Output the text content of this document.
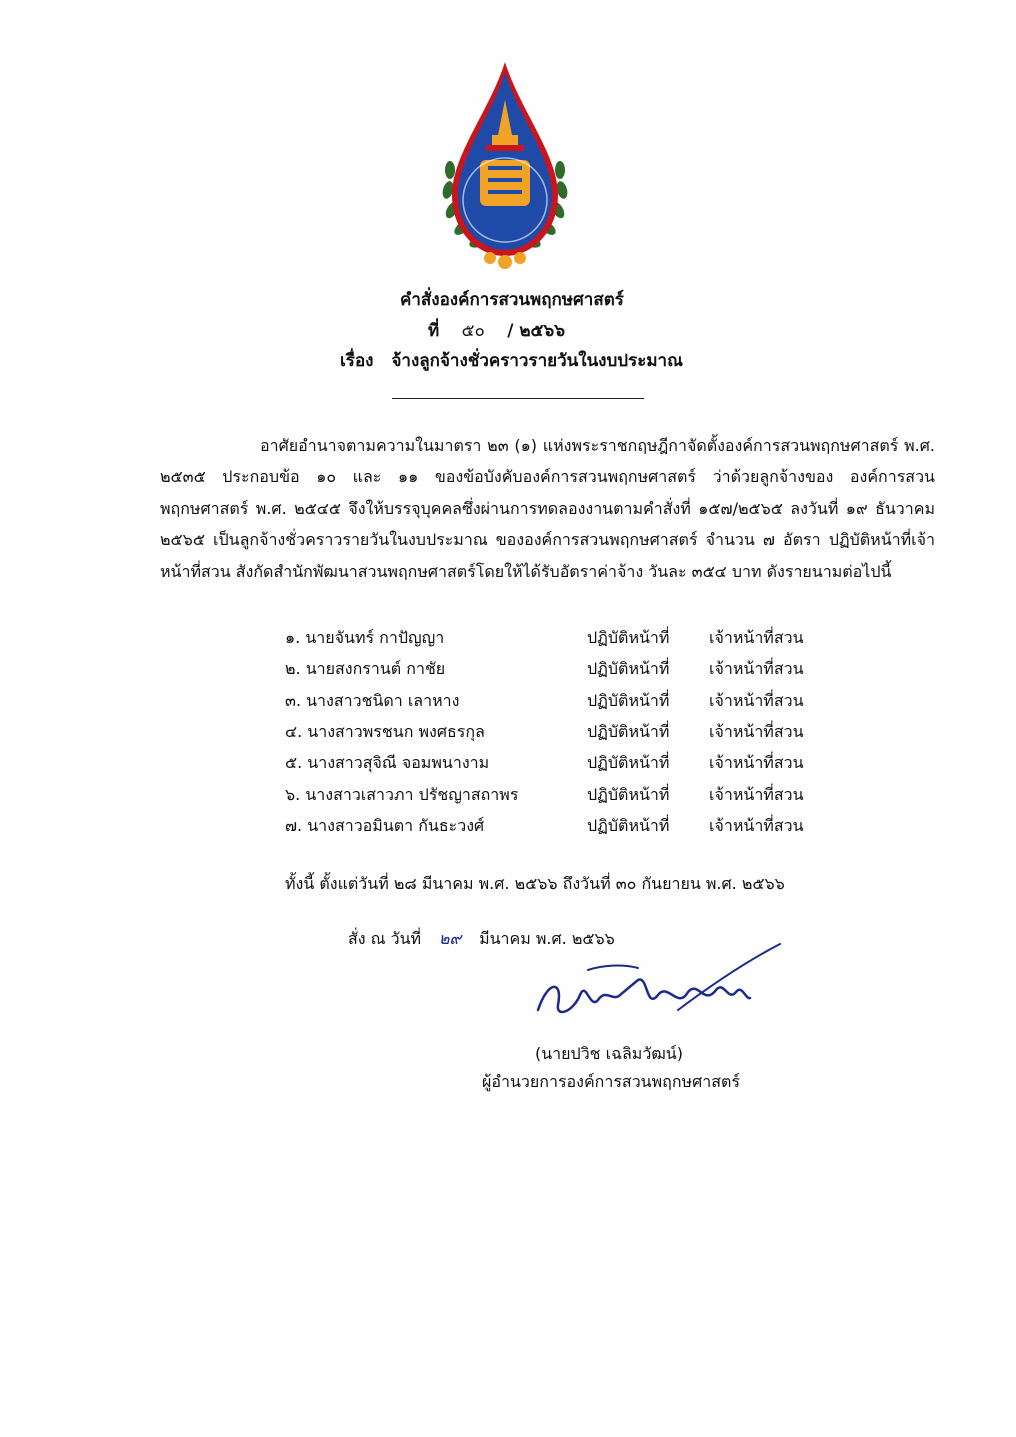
คำสั่งองค์การสวนพฤกษศาสตร์
ที่	๕๐	/ ๒๕๖๖
เรื่อง จ้างลูกจ้างชั่วคราวรายวันในงบประมาณ

อาศัยอำนาจตามความในมาตรา ๒๓ (๑) แห่งพระราชกฤษฎีกาจัดตั้งองค์การสวนพฤกษศาสตร์ พ.ศ. ๒๕๓๕ ประกอบข้อ ๑๐ และ ๑๑ ของข้อบังคับองค์การสวนพฤกษศาสตร์ ว่าด้วยลูกจ้างของ องค์การสวนพฤกษศาสตร์ พ.ศ. ๒๕๔๕ จึงให้บรรจุบุคคลซึ่งผ่านการทดลองงานตามคำสั่งที่ ๑๕๗/๒๕๖๕ ลงวันที่ ๑๙ ธันวาคม ๒๕๖๕ เป็นลูกจ้างชั่วคราวรายวันในงบประมาณ ขององค์การสวนพฤกษศาสตร์ จำนวน ๗ อัตรา ปฏิบัติหน้าที่เจ้าหน้าที่สวน สังกัดสำนักพัฒนาสวนพฤกษศาสตร์โดยให้ได้รับอัตราค่าจ้าง วันละ ๓๕๔ บาท ดังรายนามต่อไปนี้

๑. นายจันทร์ กาปัญญา	ปฏิบัติหน้าที่	เจ้าหน้าที่สวน
๒. นายสงกรานต์ กาชัย	ปฏิบัติหน้าที่	เจ้าหน้าที่สวน
๓. นางสาวชนิดา เลาหาง	ปฏิบัติหน้าที่	เจ้าหน้าที่สวน
๔. นางสาวพรชนก พงศธรกุล	ปฏิบัติหน้าที่	เจ้าหน้าที่สวน
๕. นางสาวสุจิณี จอมพนางาม	ปฏิบัติหน้าที่	เจ้าหน้าที่สวน
๖. นางสาวเสาวภา ปรัชญาสถาพร	ปฏิบัติหน้าที่	เจ้าหน้าที่สวน
๗. นางสาวอมินตา กันธะวงศ์	ปฏิบัติหน้าที่	เจ้าหน้าที่สวน
ทั้งนี้ ตั้งแต่วันที่ ๒๘ มีนาคม พ.ศ. ๒๕๖๖ ถึงวันที่ ๓๐ กันยายน พ.ศ. ๒๕๖๖
สั่ง ณ วันที่	๒๙	มีนาคม พ.ศ. ๒๕๖๖
(นายปวิช เฉลิมวัฒน์)
ผู้อำนวยการองค์การสวนพฤกษศาสตร์
